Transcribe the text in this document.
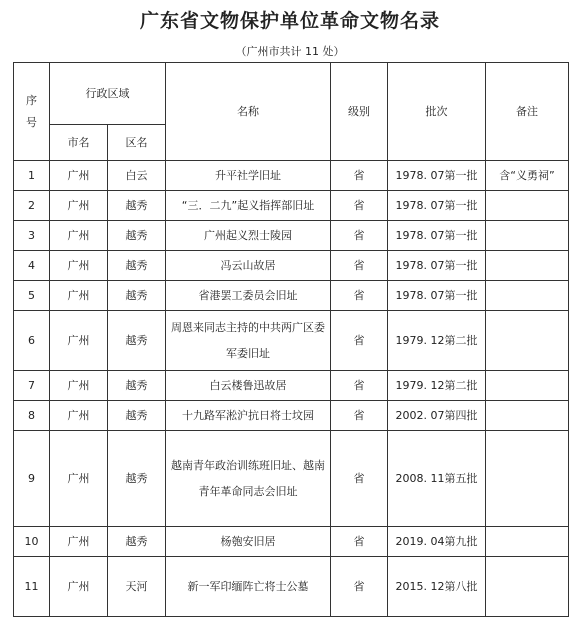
广东省文物保护单位革命文物名录
（广州市共计 11 处）
序号	行政区域		名称	级别	批次	备注
	市名	区名				
1	广州	白云	升平社学旧址	省	1978. 07第一批	含“义勇祠”
2	广州	越秀	“三．二九”起义指挥部旧址	省	1978. 07第一批	
3	广州	越秀	广州起义烈士陵园	省	1978. 07第一批	
4	广州	越秀	冯云山故居	省	1978. 07第一批	
5	广州	越秀	省港罢工委员会旧址	省	1978. 07第一批	
6	广州	越秀	周恩来同志主持的中共两广区委军委旧址	省	1979. 12第二批	
7	广州	越秀	白云楼鲁迅故居	省	1979. 12第二批	
8	广州	越秀	十九路军淞沪抗日将士坟园	省	2002. 07第四批	
9	广州	越秀	越南青年政治训练班旧址、越南青年革命同志会旧址	省	2008. 11第五批	
10	广州	越秀	杨匏安旧居	省	2019. 04第九批	
11	广州	天河	新一军印缅阵亡将士公墓	省	2015. 12第八批	
